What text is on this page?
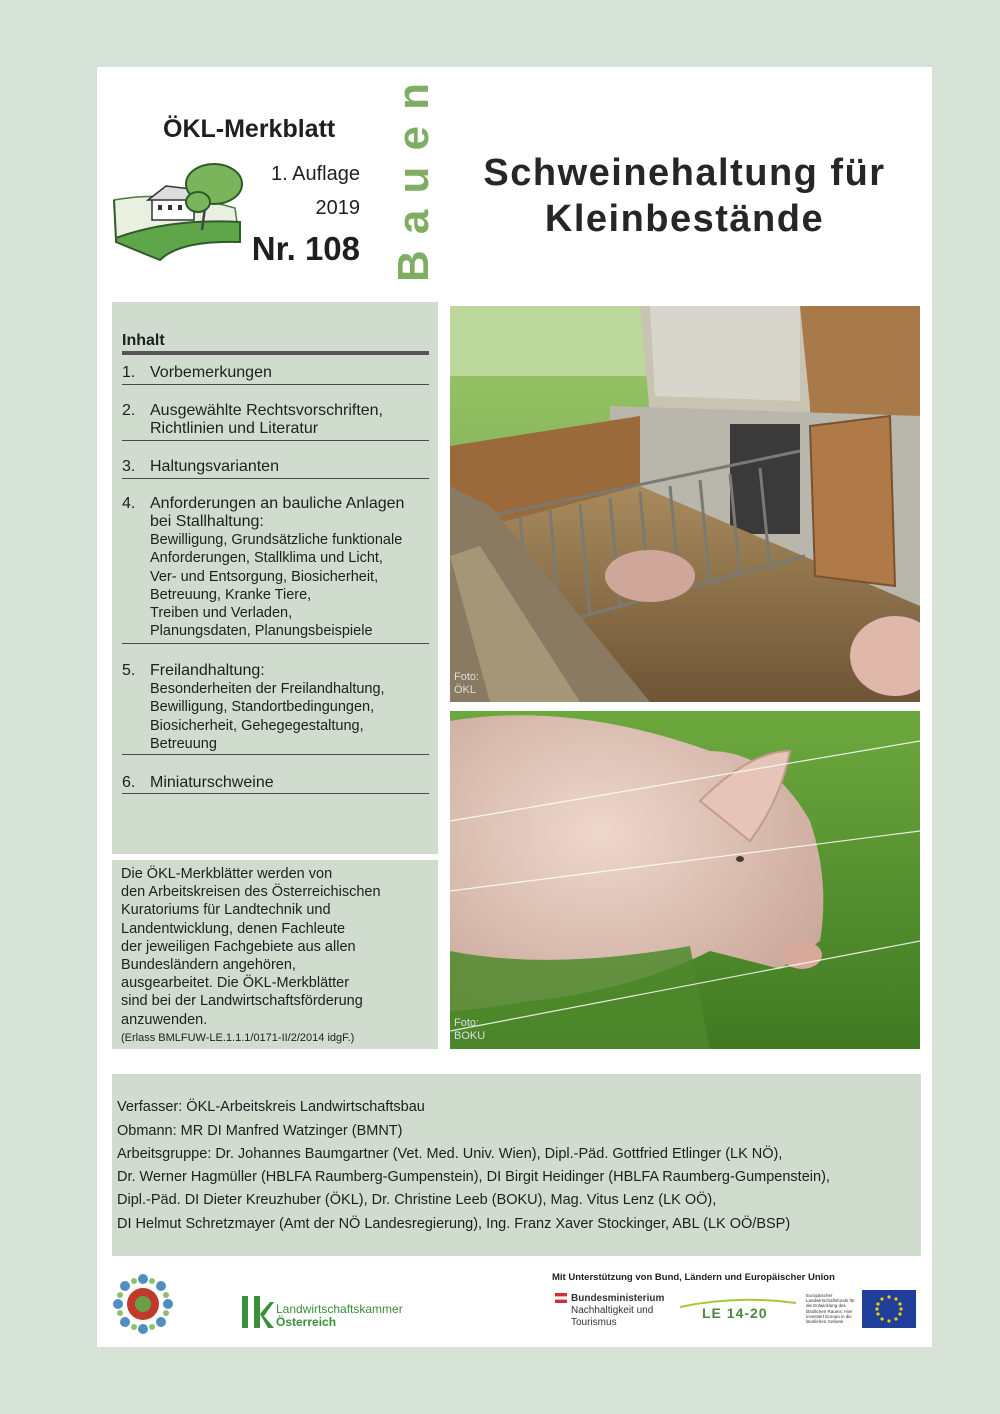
ÖKL-Merkblatt
1. Auflage
2019
Nr. 108 Bauen
Schweinehaltung für
Kleinbestände
Inhalt
1. Vorbemerkungen
2. Ausgewählte Rechtsvorschriften,
Richtlinien und Literatur
3. Haltungsvarianten
4. Anforderungen an bauliche Anlagen
bei Stallhaltung:
Bewilligung, Grundsätzliche funktionale
Anforderungen, Stallklima und Licht,
Ver- und Entsorgung, Biosicherheit,
Betreuung, Kranke Tiere,
Treiben und Verladen,
Planungsdaten, Planungsbeispiele
5. Freilandhaltung:
Besonderheiten der Freilandhaltung,
Bewilligung, Standortbedingungen,
Biosicherheit, Gehegegestaltung,
Betreuung
6. Miniaturschweine
Die ÖKL-Merkblätter werden von
den Arbeitskreisen des Österreichischen
Kuratoriums für Landtechnik und
Landentwicklung, denen Fachleute
der jeweiligen Fachgebiete aus allen
Bundesländern angehören,
ausgearbeitet. Die ÖKL-Merkblätter
sind bei der Landwirtschaftsförderung
anzuwenden.
(Erlass BMLFUW-LE.1.1.1/0171-II/2/2014 idgF.)
Foto:
ÖKL
Foto:
BOKU
Verfasser: ÖKL-Arbeitskreis Landwirtschaftsbau
Obmann: MR DI Manfred Watzinger (BMNT)
Arbeitsgruppe: Dr. Johannes Baumgartner (Vet. Med. Univ. Wien), Dipl.-Päd. Gottfried Etlinger (LK NÖ),
Dr. Werner Hagmüller (HBLFA Raumberg-Gumpenstein), DI Birgit Heidinger (HBLFA Raumberg-Gumpenstein),
Dipl.-Päd. DI Dieter Kreuzhuber (ÖKL), Dr. Christine Leeb (BOKU), Mag. Vitus Lenz (LK OÖ),
DI Helmut Schretzmayer (Amt der NÖ Landesregierung), Ing. Franz Xaver Stockinger, ABL (LK OÖ/BSP)
Landwirtschaftskammer
Österreich
Mit Unterstützung von Bund, Ländern und Europäischer Union
Bundesministerium
Nachhaltigkeit und
Tourismus
LE 14-20
Europäischer Landwirtschaftsfonds für die Entwicklung des ländlichen Raums: Hier investiert Europa in die ländlichen Gebiete
